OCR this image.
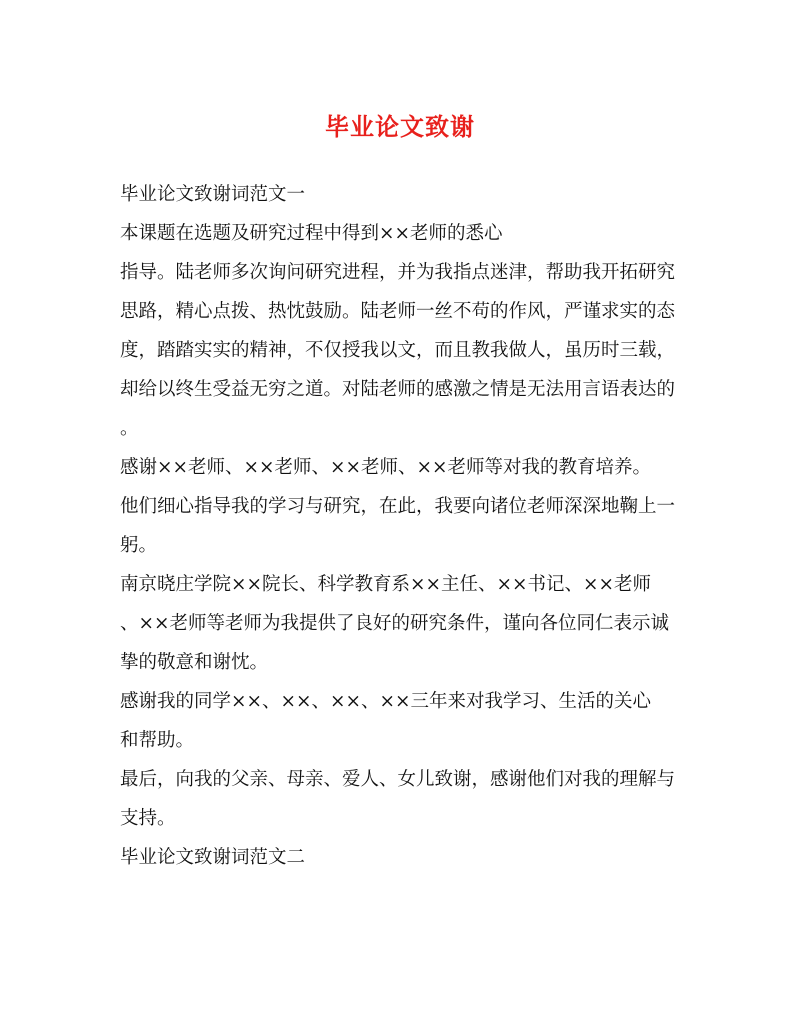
毕业论文致谢
毕业论文致谢词范文一
本课题在选题及研究过程中得到××老师的悉心
指导。陆老师多次询问研究进程，并为我指点迷津，帮助我开拓研究
思路，精心点拨、热忱鼓励。陆老师一丝不苟的作风，严谨求实的态
度，踏踏实实的精神，不仅授我以文，而且教我做人，虽历时三载，
却给以终生受益无穷之道。对陆老师的感激之情是无法用言语表达的
。
感谢××老师、××老师、××老师、××老师等对我的教育培养。
他们细心指导我的学习与研究，在此，我要向诸位老师深深地鞠上一
躬。
南京晓庄学院××院长、科学教育系××主任、××书记、××老师
、××老师等老师为我提供了良好的研究条件，谨向各位同仁表示诚
挚的敬意和谢忱。
感谢我的同学××、××、××、××三年来对我学习、生活的关心
和帮助。
最后，向我的父亲、母亲、爱人、女儿致谢，感谢他们对我的理解与
支持。
毕业论文致谢词范文二
